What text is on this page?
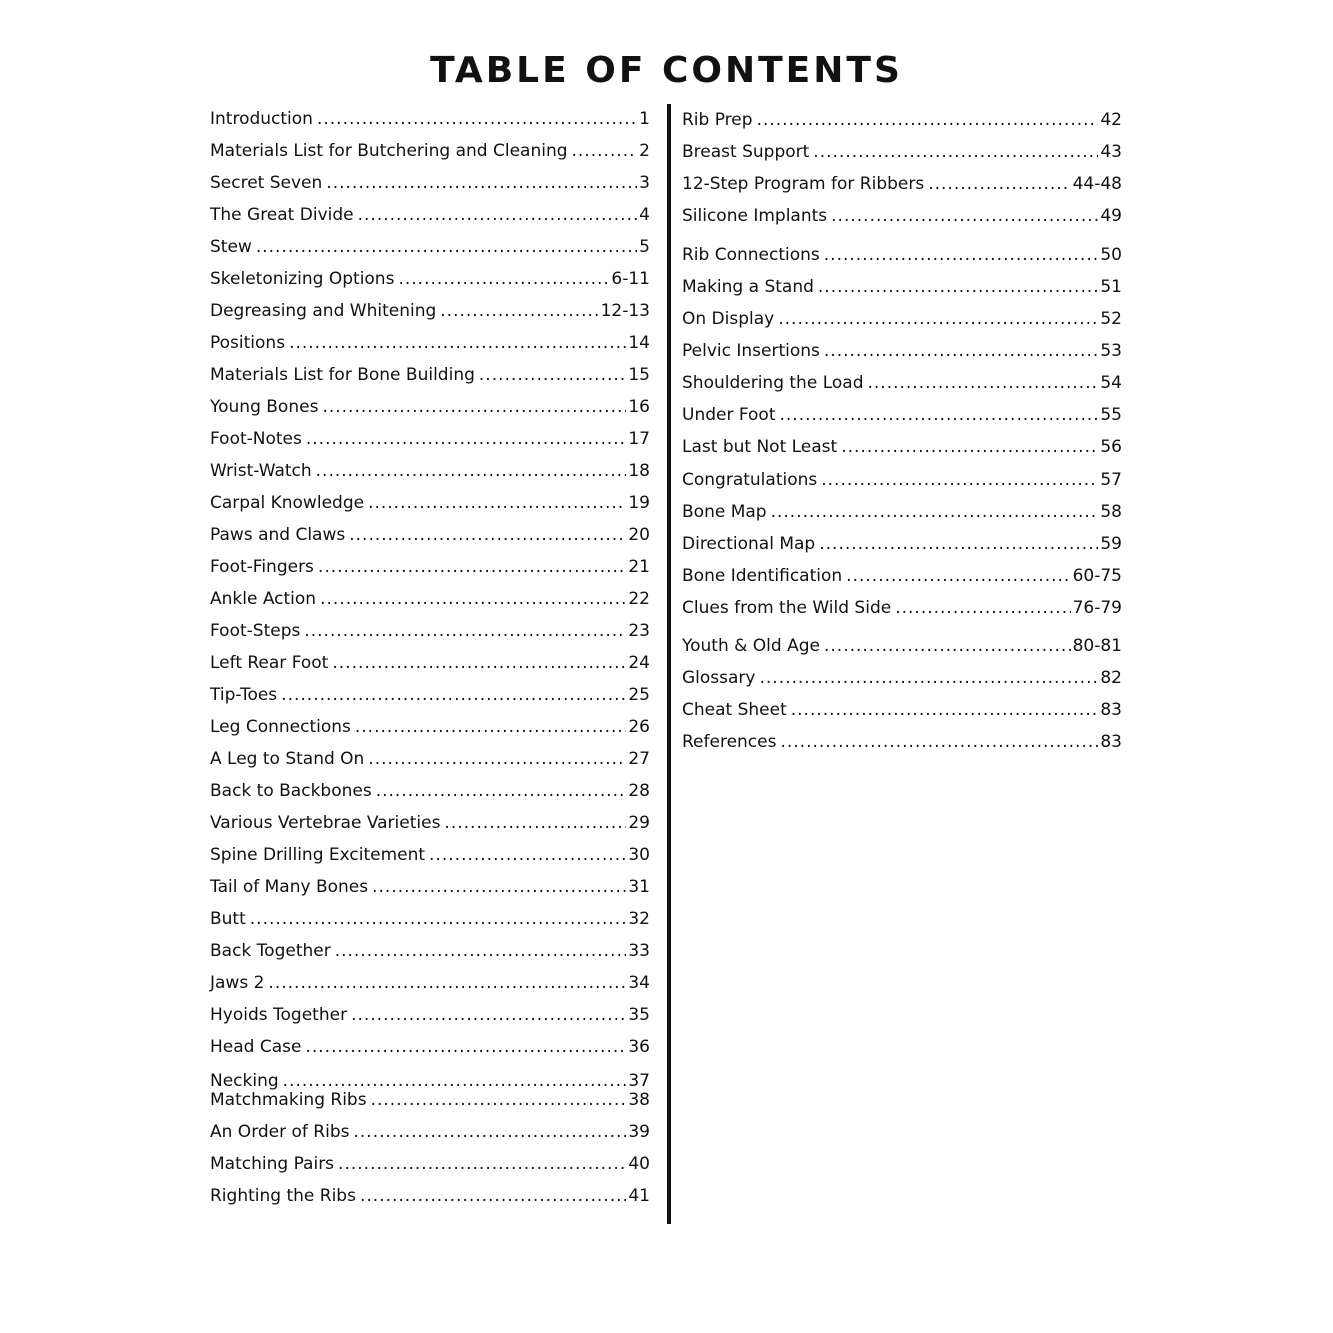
TABLE OF CONTENTS
Introduction .....	1
Materials List for Butchering and Cleaning .....	2
Secret Seven .....	3
The Great Divide .....	4
Stew .....	5
Skeletonizing Options .....	6-11
Degreasing and Whitening .....	12-13
Positions .....	14
Materials List for Bone Building .....	15
Young Bones .....	16
Foot-Notes .....	17
Wrist-Watch .....	18
Carpal Knowledge .....	19
Paws and Claws .....	20
Foot-Fingers .....	21
Ankle Action .....	22
Foot-Steps .....	23
Left Rear Foot .....	24
Tip-Toes .....	25
Leg Connections .....	26
A Leg to Stand On .....	27
Back to Backbones .....	28
Various Vertebrae Varieties .....	29
Spine Drilling Excitement .....	30
Tail of Many Bones .....	31
Butt .....	32
Back Together .....	33
Jaws 2 .....	34
Hyoids Together .....	35
Head Case .....	36
Necking .....	37
Matchmaking Ribs .....	38
An Order of Ribs .....	39
Matching Pairs .....	40
Righting the Ribs .....	41
Rib Prep .....	42
Breast Support .....	43
12-Step Program for Ribbers .....	44-48
Silicone Implants .....	49
Rib Connections .....	50
Making a Stand .....	51
On Display .....	52
Pelvic Insertions .....	53
Shouldering the Load .....	54
Under Foot .....	55
Last but Not Least .....	56
Congratulations .....	57
Bone Map .....	58
Directional Map .....	59
Bone Identification .....	60-75
Clues from the Wild Side .....	76-79
Youth & Old Age .....	80-81
Glossary .....	82
Cheat Sheet .....	83
References .....	83
